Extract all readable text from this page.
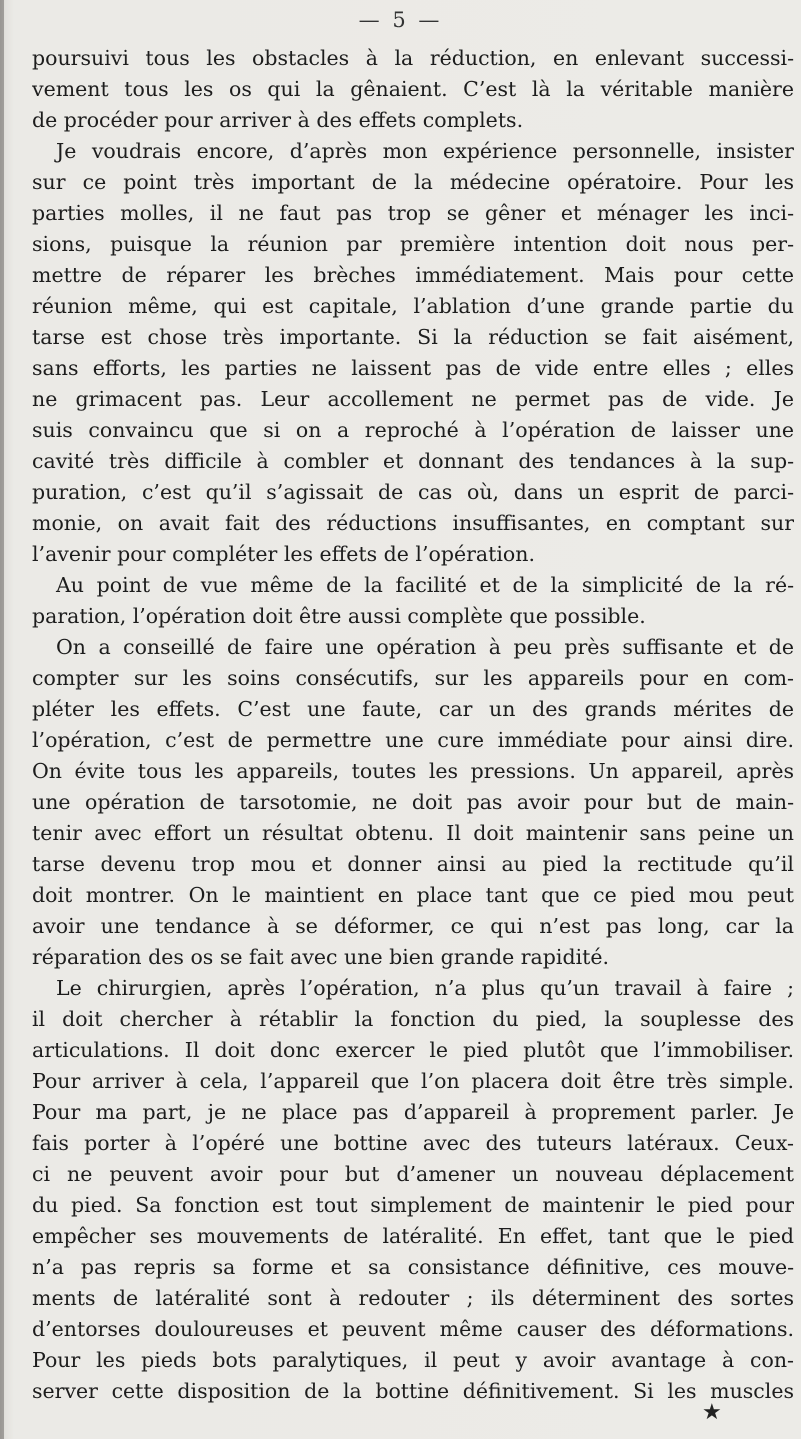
— 5 —
poursuivi tous les obstacles à la réduction, en enlevant successi-
vement tous les os qui la gênaient. C’est là la véritable manière
de procéder pour arriver à des effets complets.
Je voudrais encore, d’après mon expérience personnelle, insister
sur ce point très important de la médecine opératoire. Pour les
parties molles, il ne faut pas trop se gêner et ménager les inci-
sions, puisque la réunion par première intention doit nous per-
mettre de réparer les brèches immédiatement. Mais pour cette
réunion même, qui est capitale, l’ablation d’une grande partie du
tarse est chose très importante. Si la réduction se fait aisément,
sans efforts, les parties ne laissent pas de vide entre elles ; elles
ne grimacent pas. Leur accollement ne permet pas de vide. Je
suis convaincu que si on a reproché à l’opération de laisser une
cavité très difficile à combler et donnant des tendances à la sup-
puration, c’est qu’il s’agissait de cas où, dans un esprit de parci-
monie, on avait fait des réductions insuffisantes, en comptant sur
l’avenir pour compléter les effets de l’opération.
Au point de vue même de la facilité et de la simplicité de la ré-
paration, l’opération doit être aussi complète que possible.
On a conseillé de faire une opération à peu près suffisante et de
compter sur les soins consécutifs, sur les appareils pour en com-
pléter les effets. C’est une faute, car un des grands mérites de
l’opération, c’est de permettre une cure immédiate pour ainsi dire.
On évite tous les appareils, toutes les pressions. Un appareil, après
une opération de tarsotomie, ne doit pas avoir pour but de main-
tenir avec effort un résultat obtenu. Il doit maintenir sans peine un
tarse devenu trop mou et donner ainsi au pied la rectitude qu’il
doit montrer. On le maintient en place tant que ce pied mou peut
avoir une tendance à se déformer, ce qui n’est pas long, car la
réparation des os se fait avec une bien grande rapidité.
Le chirurgien, après l’opération, n’a plus qu’un travail à faire ;
il doit chercher à rétablir la fonction du pied, la souplesse des
articulations. Il doit donc exercer le pied plutôt que l’immobiliser.
Pour arriver à cela, l’appareil que l’on placera doit être très simple.
Pour ma part, je ne place pas d’appareil à proprement parler. Je
fais porter à l’opéré une bottine avec des tuteurs latéraux. Ceux-
ci ne peuvent avoir pour but d’amener un nouveau déplacement
du pied. Sa fonction est tout simplement de maintenir le pied pour
empêcher ses mouvements de latéralité. En effet, tant que le pied
n’a pas repris sa forme et sa consistance définitive, ces mouve-
ments de latéralité sont à redouter ; ils déterminent des sortes
d’entorses douloureuses et peuvent même causer des déformations.
Pour les pieds bots paralytiques, il peut y avoir avantage à con-
server cette disposition de la bottine définitivement. Si les muscles
★
